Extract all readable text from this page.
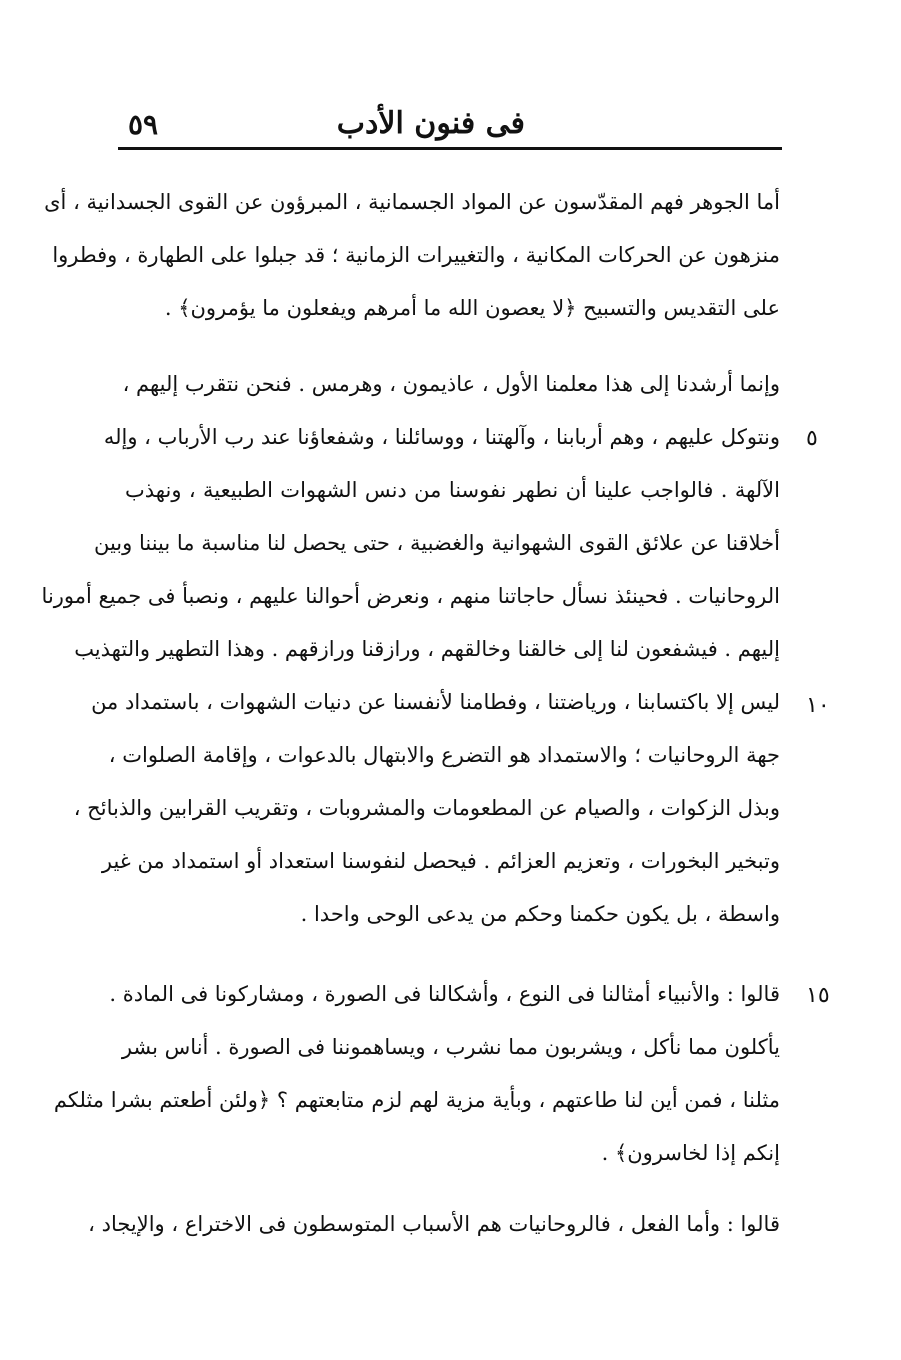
٥٩	فى فنون الأدب
أما الجوهر فهم المقدّسون عن المواد الجسمانية ، المبرؤون عن القوى الجسدانية ، أى
منزهون عن الحركات المكانية ، والتغييرات الزمانية ؛ قد جبلوا على الطهارة ، وفطروا
على التقديس والتسبيح ﴿لا يعصون الله ما أمرهم ويفعلون ما يؤمرون﴾ .
وإنما أرشدنا إلى هذا معلمنا الأول ، عاذيمون ، وهرمس . فنحن نتقرب إليهم ،
ونتوكل عليهم ، وهم أربابنا ، وآلهتنا ، ووسائلنا ، وشفعاؤنا عند رب الأرباب ، وإله
الآلهة . فالواجب علينا أن نطهر نفوسنا من دنس الشهوات الطبيعية ، ونهذب
أخلاقنا عن علائق القوى الشهوانية والغضبية ، حتى يحصل لنا مناسبة ما بيننا وبين
الروحانيات . فحينئذ نسأل حاجاتنا منهم ، ونعرض أحوالنا عليهم ، ونصبأ فى جميع أمورنا
إليهم . فيشفعون لنا إلى خالقنا وخالقهم ، ورازقنا ورازقهم . وهذا التطهير والتهذيب
ليس إلا باكتسابنا ، ورياضتنا ، وفطامنا لأنفسنا عن دنيات الشهوات ، باستمداد من
جهة الروحانيات ؛ والاستمداد هو التضرع والابتهال بالدعوات ، وإقامة الصلوات ،
وبذل الزكوات ، والصيام عن المطعومات والمشروبات ، وتقريب القرابين والذبائح ،
وتبخير البخورات ، وتعزيم العزائم . فيحصل لنفوسنا استعداد أو استمداد من غير
واسطة ، بل يكون حكمنا وحكم من يدعى الوحى واحدا .
قالوا : والأنبياء أمثالنا فى النوع ، وأشكالنا فى الصورة ، ومشاركونا فى المادة .
يأكلون مما نأكل ، ويشربون مما نشرب ، ويساهموننا فى الصورة . أناس بشر
مثلنا ، فمن أين لنا طاعتهم ، وبأية مزية لهم لزم متابعتهم ؟ ﴿ولئن أطعتم بشرا مثلكم
إنكم إذا لخاسرون﴾ .
قالوا : وأما الفعل ، فالروحانيات هم الأسباب المتوسطون فى الاختراع ، والإيجاد ،
٥
١٠
١٥
